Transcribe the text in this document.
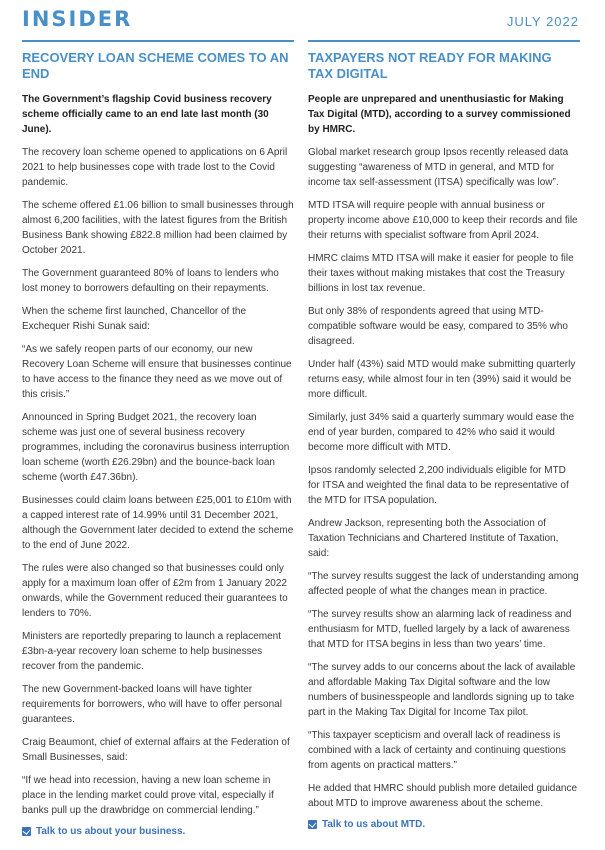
INSIDER	JULY 2022
RECOVERY LOAN SCHEME COMES TO AN END

The Government’s flagship Covid business recovery scheme officially came to an end late last month (30 June).

The recovery loan scheme opened to applications on 6 April 2021 to help businesses cope with trade lost to the Covid pandemic.

The scheme offered £1.06 billion to small businesses through almost 6,200 facilities, with the latest figures from the British Business Bank showing £822.8 million had been claimed by October 2021.

The Government guaranteed 80% of loans to lenders who lost money to borrowers defaulting on their repayments.

When the scheme first launched, Chancellor of the Exchequer Rishi Sunak said:

“As we safely reopen parts of our economy, our new Recovery Loan Scheme will ensure that businesses continue to have access to the finance they need as we move out of this crisis.”

Announced in Spring Budget 2021, the recovery loan scheme was just one of several business recovery programmes, including the coronavirus business interruption loan scheme (worth £26.29bn) and the bounce-back loan scheme (worth £47.36bn).

Businesses could claim loans between £25,001 to £10m with a capped interest rate of 14.99% until 31 December 2021, although the Government later decided to extend the scheme to the end of June 2022.

The rules were also changed so that businesses could only apply for a maximum loan offer of £2m from 1 January 2022 onwards, while the Government reduced their guarantees to lenders to 70%.

Ministers are reportedly preparing to launch a replacement £3bn-a-year recovery loan scheme to help businesses recover from the pandemic.

The new Government-backed loans will have tighter requirements for borrowers, who will have to offer personal guarantees.

Craig Beaumont, chief of external affairs at the Federation of Small Businesses, said:

“If we head into recession, having a new loan scheme in place in the lending market could prove vital, especially if banks pull up the drawbridge on commercial lending.”

Talk to us about your business.
TAXPAYERS NOT READY FOR MAKING TAX DIGITAL

People are unprepared and unenthusiastic for Making Tax Digital (MTD), according to a survey commissioned by HMRC.

Global market research group Ipsos recently released data suggesting “awareness of MTD in general, and MTD for income tax self-assessment (ITSA) specifically was low”.

MTD ITSA will require people with annual business or property income above £10,000 to keep their records and file their returns with specialist software from April 2024.

HMRC claims MTD ITSA will make it easier for people to file their taxes without making mistakes that cost the Treasury billions in lost tax revenue.

But only 38% of respondents agreed that using MTD-compatible software would be easy, compared to 35% who disagreed.

Under half (43%) said MTD would make submitting quarterly returns easy, while almost four in ten (39%) said it would be more difficult.

Similarly, just 34% said a quarterly summary would ease the end of year burden, compared to 42% who said it would become more difficult with MTD.

Ipsos randomly selected 2,200 individuals eligible for MTD for ITSA and weighted the final data to be representative of the MTD for ITSA population.

Andrew Jackson, representing both the Association of Taxation Technicians and Chartered Institute of Taxation, said:

“The survey results suggest the lack of understanding among affected people of what the changes mean in practice.

“The survey results show an alarming lack of readiness and enthusiasm for MTD, fuelled largely by a lack of awareness that MTD for ITSA begins in less than two years’ time.

“The survey adds to our concerns about the lack of available and affordable Making Tax Digital software and the low numbers of businesspeople and landlords signing up to take part in the Making Tax Digital for Income Tax pilot.

“This taxpayer scepticism and overall lack of readiness is combined with a lack of certainty and continuing questions from agents on practical matters.”

He added that HMRC should publish more detailed guidance about MTD to improve awareness about the scheme.

Talk to us about MTD.
